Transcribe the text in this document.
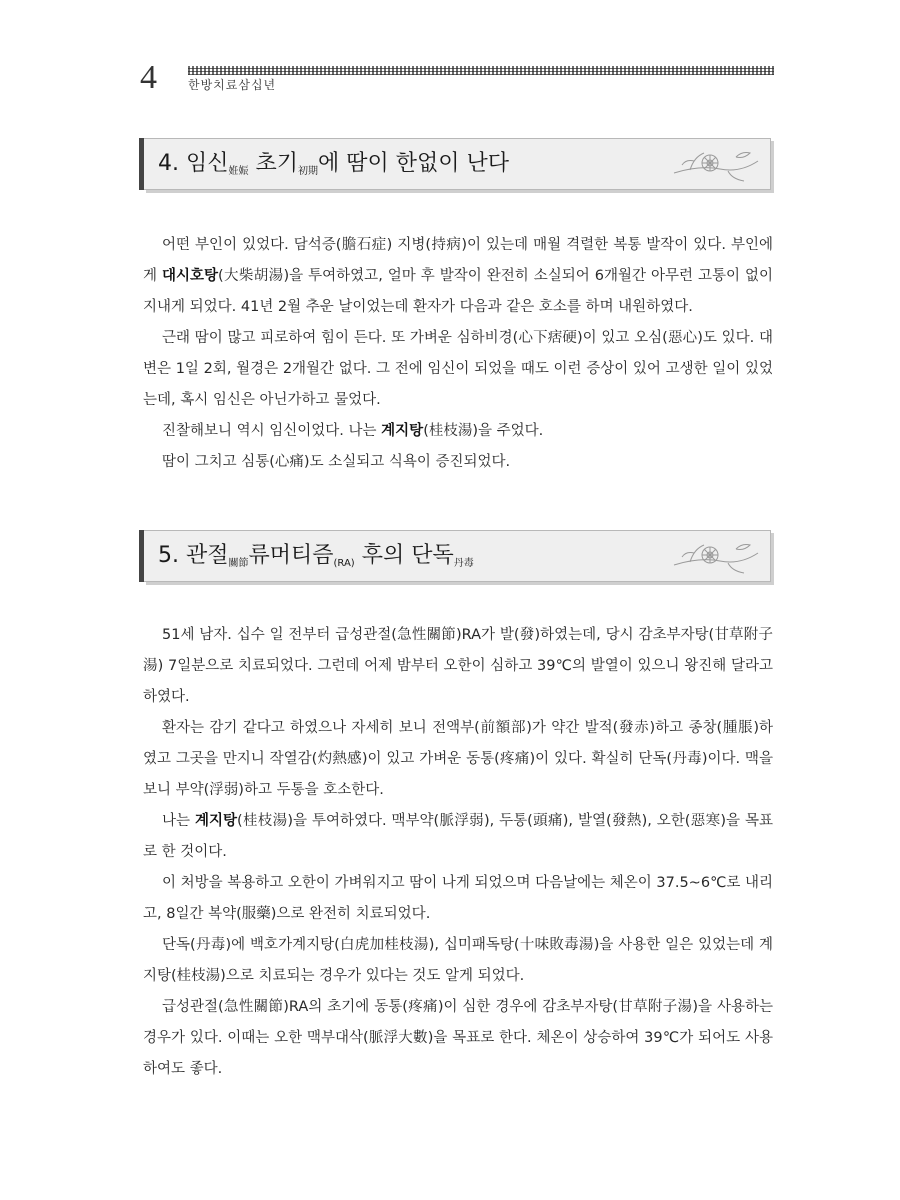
4	한방치료삼십년
4. 임신$_{姙娠}$ 초기$_{初期}$에 땀이 한없이 난다

어떤 부인이 있었다. 담석증(膽石症) 지병(持病)이 있는데 매월 격렬한 복통 발작이 있다. 부인에게 대시호탕(大柴胡湯)을 투여하였고, 얼마 후 발작이 완전히 소실되어 6개월간 아무런 고통이 없이 지내게 되었다. 41년 2월 추운 날이었는데 환자가 다음과 같은 호소를 하며 내원하였다.

근래 땀이 많고 피로하여 힘이 든다. 또 가벼운 심하비경(心下痞硬)이 있고 오심(惡心)도 있다. 대변은 1일 2회, 월경은 2개월간 없다. 그 전에 임신이 되었을 때도 이런 증상이 있어 고생한 일이 있었는데, 혹시 임신은 아닌가하고 물었다.

진찰해보니 역시 임신이었다. 나는 계지탕(桂枝湯)을 주었다.

땀이 그치고 심통(心痛)도 소실되고 식욕이 증진되었다.

5. 관절$_{關節}$류머티즘$_{(RA)}$ 후의 단독$_{丹毒}$

51세 남자. 십수 일 전부터 급성관절(急性關節)RA가 발(發)하였는데, 당시 감초부자탕(甘草附子湯) 7일분으로 치료되었다. 그런데 어제 밤부터 오한이 심하고 39℃의 발열이 있으니 왕진해 달라고 하였다.

환자는 감기 같다고 하였으나 자세히 보니 전액부(前額部)가 약간 발적(發赤)하고 종창(腫脹)하였고 그곳을 만지니 작열감(灼熱感)이 있고 가벼운 동통(疼痛)이 있다. 확실히 단독(丹毒)이다. 맥을 보니 부약(浮弱)하고 두통을 호소한다.

나는 계지탕(桂枝湯)을 투여하였다. 맥부약(脈浮弱), 두통(頭痛), 발열(發熱), 오한(惡寒)을 목표로 한 것이다.

이 처방을 복용하고 오한이 가벼워지고 땀이 나게 되었으며 다음날에는 체온이 37.5~6℃로 내리고, 8일간 복약(服藥)으로 완전히 치료되었다.

단독(丹毒)에 백호가계지탕(白虎加桂枝湯), 십미패독탕(十味敗毒湯)을 사용한 일은 있었는데 계지탕(桂枝湯)으로 치료되는 경우가 있다는 것도 알게 되었다.

급성관절(急性關節)RA의 초기에 동통(疼痛)이 심한 경우에 감초부자탕(甘草附子湯)을 사용하는 경우가 있다. 이때는 오한 맥부대삭(脈浮大數)을 목표로 한다. 체온이 상승하여 39℃가 되어도 사용하여도 좋다.
